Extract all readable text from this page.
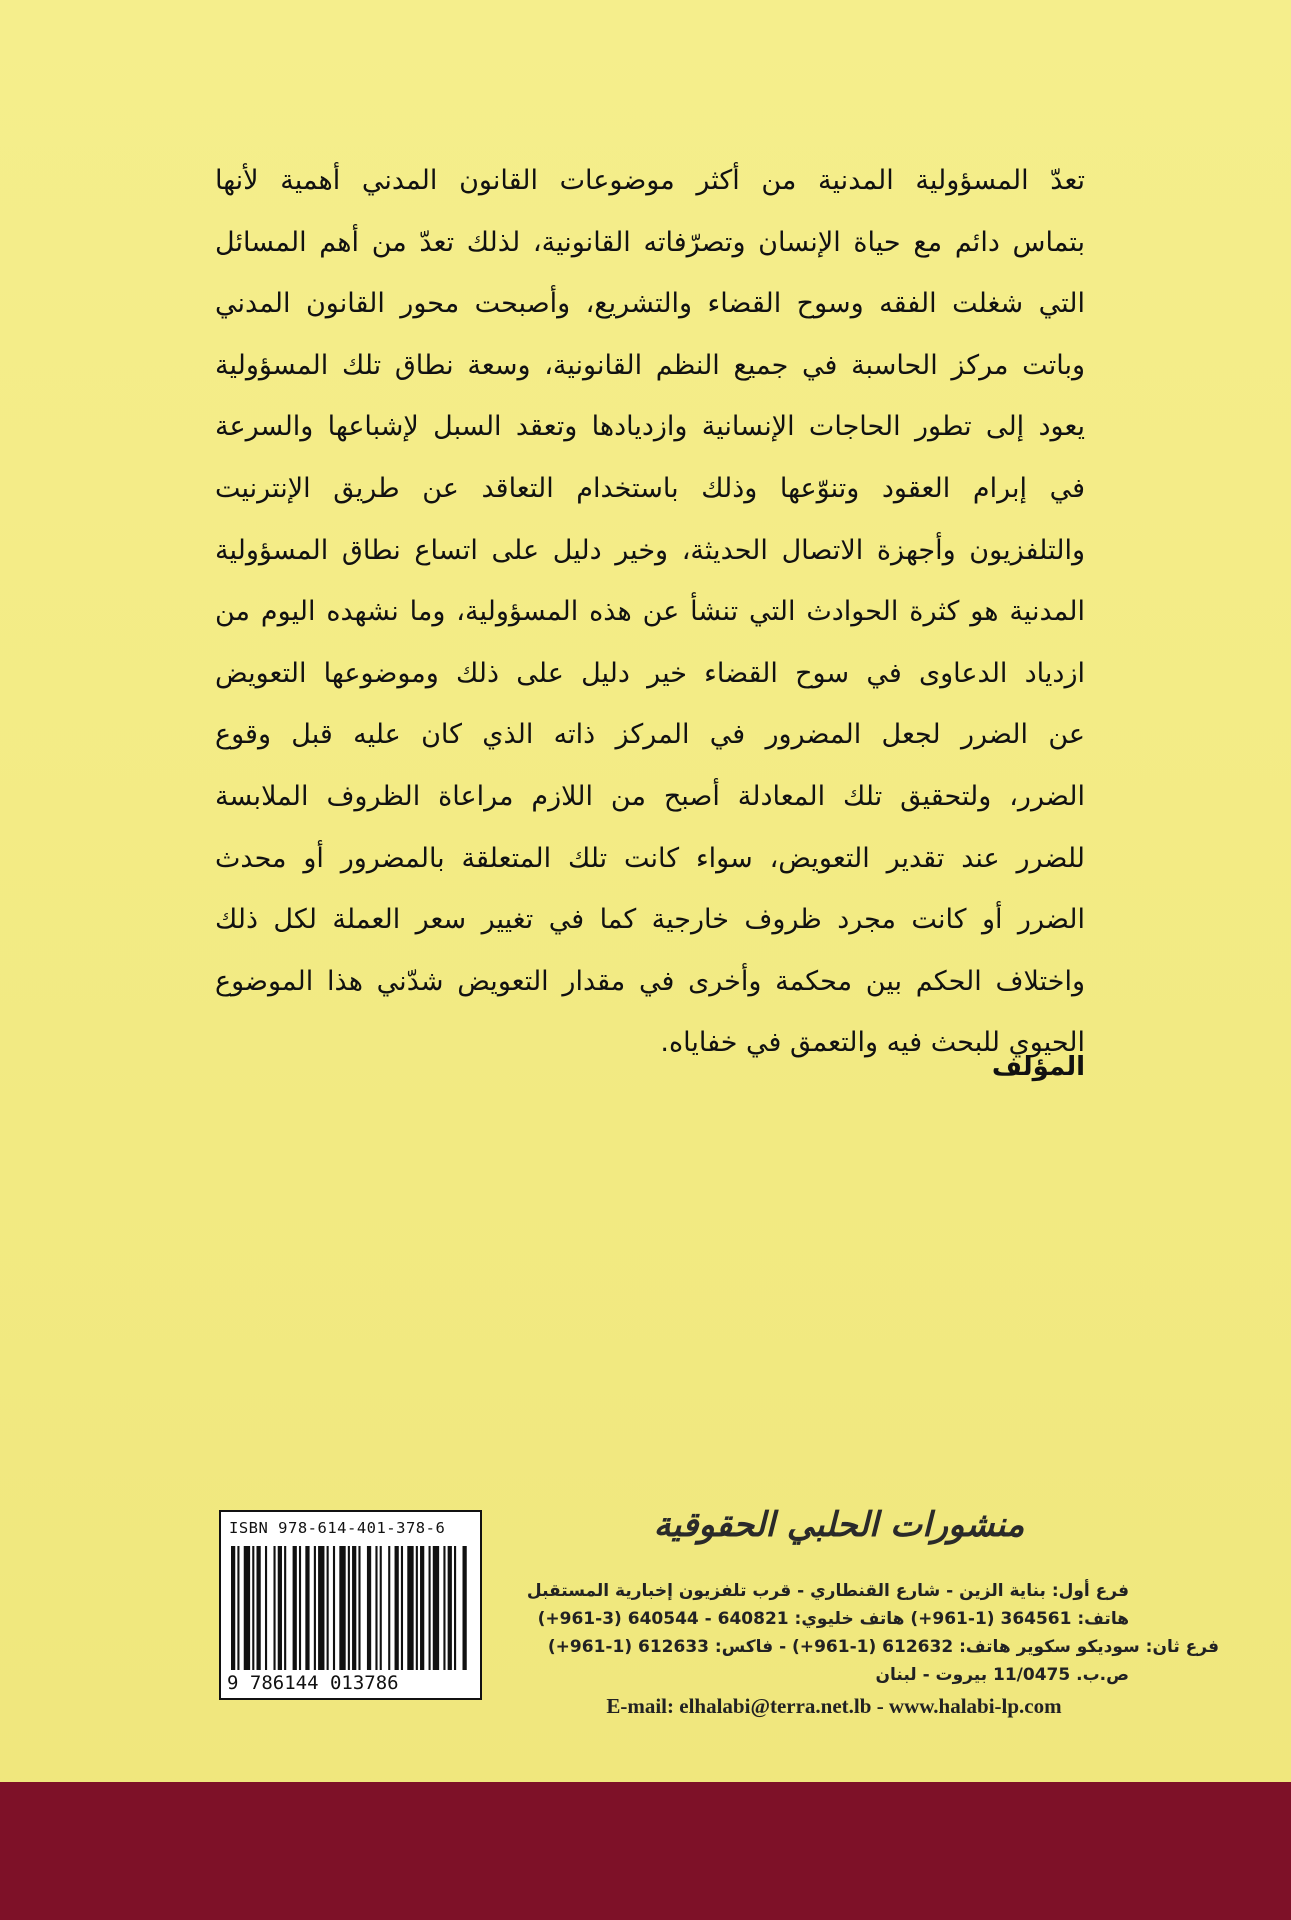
تعدّ المسؤولية المدنية من أكثر موضوعات القانون المدني أهمية لأنها
بتماس دائم مع حياة الإنسان وتصرّفاته القانونية، لذلك تعدّ من أهم المسائل
التي شغلت الفقه وسوح القضاء والتشريع، وأصبحت محور القانون المدني
وباتت مركز الحاسبة في جميع النظم القانونية، وسعة نطاق تلك المسؤولية
يعود إلى تطور الحاجات الإنسانية وازديادها وتعقد السبل لإشباعها والسرعة
في إبرام العقود وتنوّعها وذلك باستخدام التعاقد عن طريق الإنترنيت
والتلفزيون وأجهزة الاتصال الحديثة، وخير دليل على اتساع نطاق المسؤولية
المدنية هو كثرة الحوادث التي تنشأ عن هذه المسؤولية، وما نشهده اليوم من
ازدياد الدعاوى في سوح القضاء خير دليل على ذلك وموضوعها التعويض
عن الضرر لجعل المضرور في المركز ذاته الذي كان عليه قبل وقوع
الضرر، ولتحقيق تلك المعادلة أصبح من اللازم مراعاة الظروف الملابسة
للضرر عند تقدير التعويض، سواء كانت تلك المتعلقة بالمضرور أو محدث
الضرر أو كانت مجرد ظروف خارجية كما في تغيير سعر العملة لكل ذلك
واختلاف الحكم بين محكمة وأخرى في مقدار التعويض شدّني هذا الموضوع
الحيوي للبحث فيه والتعمق في خفاياه.
المؤلف
ISBN 978-614-401-378-6
9 786144 013786
منشورات الحلبي الحقوقية
فرع أول: بناية الزين - شارع القنطاري - قرب تلفزيون إخبارية المستقبل
هاتف: 364561 (1-961+) هاتف خليوي: 640821 - 640544 (3-961+)
فرع ثان: سوديكو سكوير هاتف: 612632 (1-961+) - فاكس: 612633 (1-961+)
ص.ب. 11/0475 بيروت - لبنان
E-mail: elhalabi@terra.net.lb - www.halabi-lp.com
